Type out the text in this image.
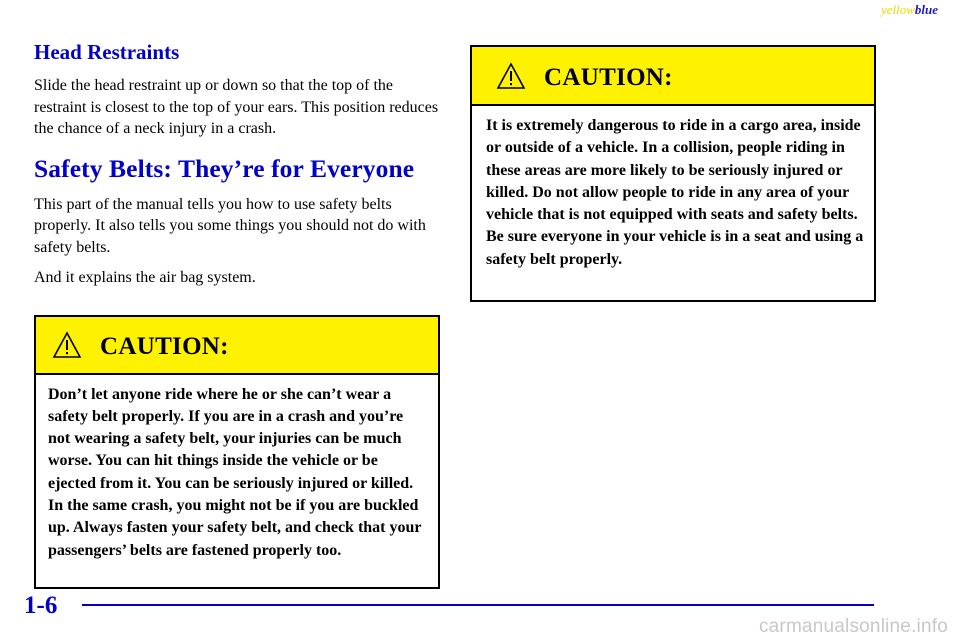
yellowblue
Head Restraints

Slide the head restraint up or down so that the top of the restraint is closest to the top of your ears. This position reduces the chance of a neck injury in a crash.

Safety Belts: They’re for Everyone

This part of the manual tells you how to use safety belts properly. It also tells you some things you should not do with safety belts.

And it explains the air bag system.

CAUTION:
Don’t let anyone ride where he or she can’t wear a safety belt properly. If you are in a crash and you’re not wearing a safety belt, your injuries can be much worse. You can hit things inside the vehicle or be ejected from it. You can be seriously injured or killed. In the same crash, you might not be if you are buckled up. Always fasten your safety belt, and check that your passengers’ belts are fastened properly too.
CAUTION:
It is extremely dangerous to ride in a cargo area, inside or outside of a vehicle. In a collision, people riding in these areas are more likely to be seriously injured or killed. Do not allow people to ride in any area of your vehicle that is not equipped with seats and safety belts. Be sure everyone in your vehicle is in a seat and using a safety belt properly.
1-6
carmanualsonline.info
